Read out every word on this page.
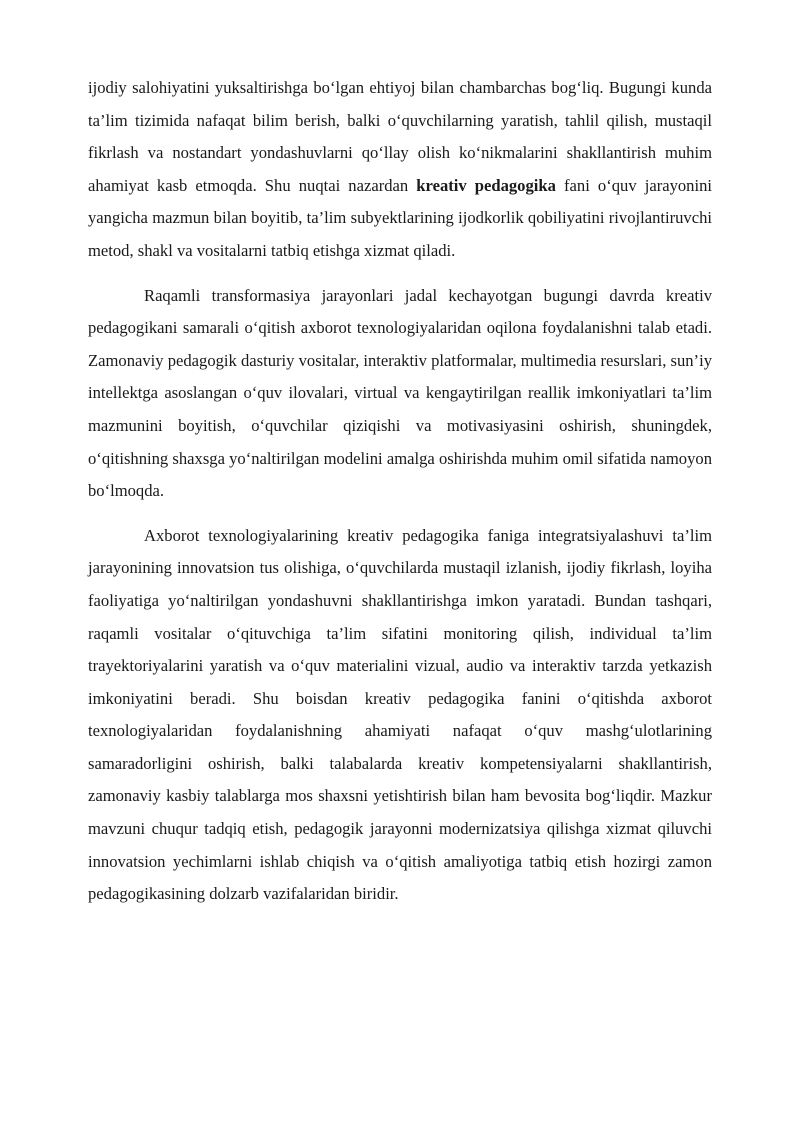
ijodiy salohiyatini yuksaltirishga bo‘lgan ehtiyoj bilan chambarchas bog‘liq. Bugungi kunda ta’lim tizimida nafaqat bilim berish, balki o‘quvchilarning yaratish, tahlil qilish, mustaqil fikrlash va nostandart yondashuvlarni qo‘llay olish ko‘nikmalarini shakllantirish muhim ahamiyat kasb etmoqda. Shu nuqtai nazardan kreativ pedagogika fani o‘quv jarayonini yangicha mazmun bilan boyitib, ta’lim subyektlarining ijodkorlik qobiliyatini rivojlantiruvchi metod, shakl va vositalarni tatbiq etishga xizmat qiladi.

Raqamli transformasiya jarayonlari jadal kechayotgan bugungi davrda kreativ pedagogikani samarali o‘qitish axborot texnologiyalaridan oqilona foydalanishni talab etadi. Zamonaviy pedagogik dasturiy vositalar, interaktiv platformalar, multimedia resurslari, sun’iy intellektga asoslangan o‘quv ilovalari, virtual va kengaytirilgan reallik imkoniyatlari ta’lim mazmunini boyitish, o‘quvchilar qiziqishi va motivasiyasini oshirish, shuningdek, o‘qitishning shaxsga yo‘naltirilgan modelini amalga oshirishda muhim omil sifatida namoyon bo‘lmoqda.

Axborot texnologiyalarining kreativ pedagogika faniga integratsiyalashuvi ta’lim jarayonining innovatsion tus olishiga, o‘quvchilarda mustaqil izlanish, ijodiy fikrlash, loyiha faoliyatiga yo‘naltirilgan yondashuvni shakllantirishga imkon yaratadi. Bundan tashqari, raqamli vositalar o‘qituvchiga ta’lim sifatini monitoring qilish, individual ta’lim trayektoriyalarini yaratish va o‘quv materialini vizual, audio va interaktiv tarzda yetkazish imkoniyatini beradi. Shu boisdan kreativ pedagogika fanini o‘qitishda axborot texnologiyalaridan foydalanishning ahamiyati nafaqat o‘quv mashg‘ulotlarining samaradorligini oshirish, balki talabalarda kreativ kompetensiyalarni shakllantirish, zamonaviy kasbiy talablarga mos shaxsni yetishtirish bilan ham bevosita bog‘liqdir. Mazkur mavzuni chuqur tadqiq etish, pedagogik jarayonni modernizatsiya qilishga xizmat qiluvchi innovatsion yechimlarni ishlab chiqish va o‘qitish amaliyotiga tatbiq etish hozirgi zamon pedagogikasining dolzarb vazifalaridan biridir.
